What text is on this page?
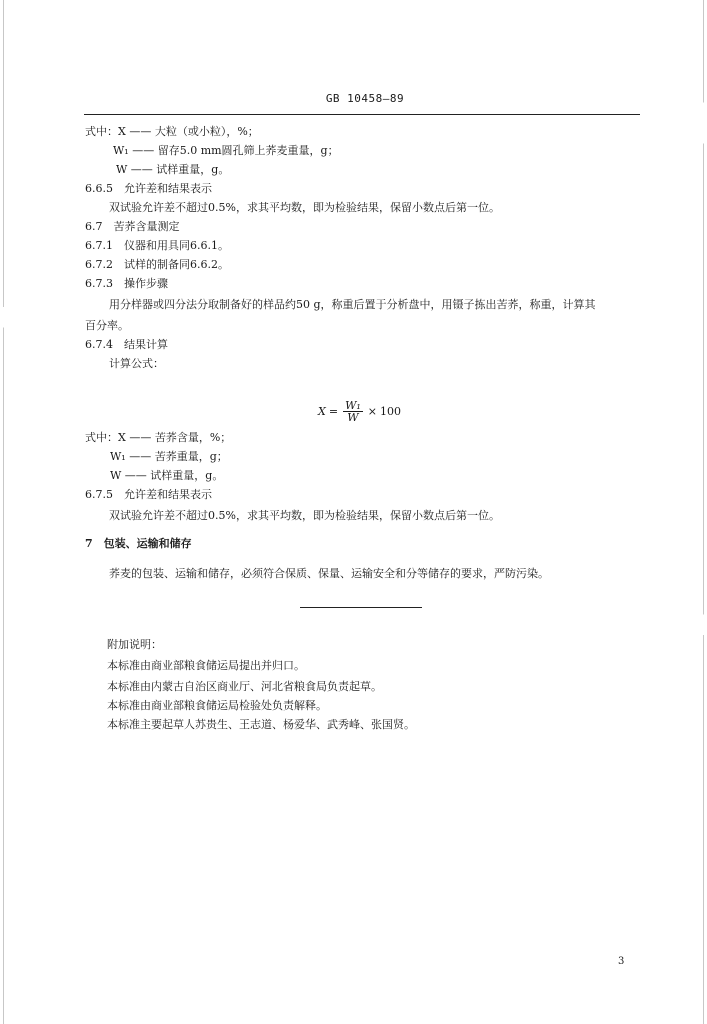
GB 10458—89
式中：X —— 大粒（或小粒），%；
W₁ —— 留存5.0 mm圆孔筛上荞麦重量，g；
W —— 试样重量，g。
6.6.5　允许差和结果表示
双试验允许差不超过0.5%，求其平均数，即为检验结果，保留小数点后第一位。
6.7　苦荞含量测定
6.7.1　仪器和用具同6.6.1。
6.7.2　试样的制备同6.6.2。
6.7.3　操作步骤
用分样器或四分法分取制备好的样品约50 g，称重后置于分析盘中，用镊子拣出苦荞，称重，计算其
百分率。
6.7.4　结果计算
计算公式：
$X = \frac{\text{W₁}}{W} \times 100$
式中：X —— 苦荞含量，%；
W₁ —— 苦荞重量，g；
W —— 试样重量，g。
6.7.5　允许差和结果表示
双试验允许差不超过0.5%，求其平均数，即为检验结果，保留小数点后第一位。
7　包装、运输和储存
荞麦的包装、运输和储存，必须符合保质、保量、运输安全和分等储存的要求，严防污染。
附加说明：
本标准由商业部粮食储运局提出并归口。
本标准由内蒙古自治区商业厅、河北省粮食局负责起草。
本标准由商业部粮食储运局检验处负责解释。
本标准主要起草人苏贵生、王志道、杨爱华、武秀峰、张国贤。
3
